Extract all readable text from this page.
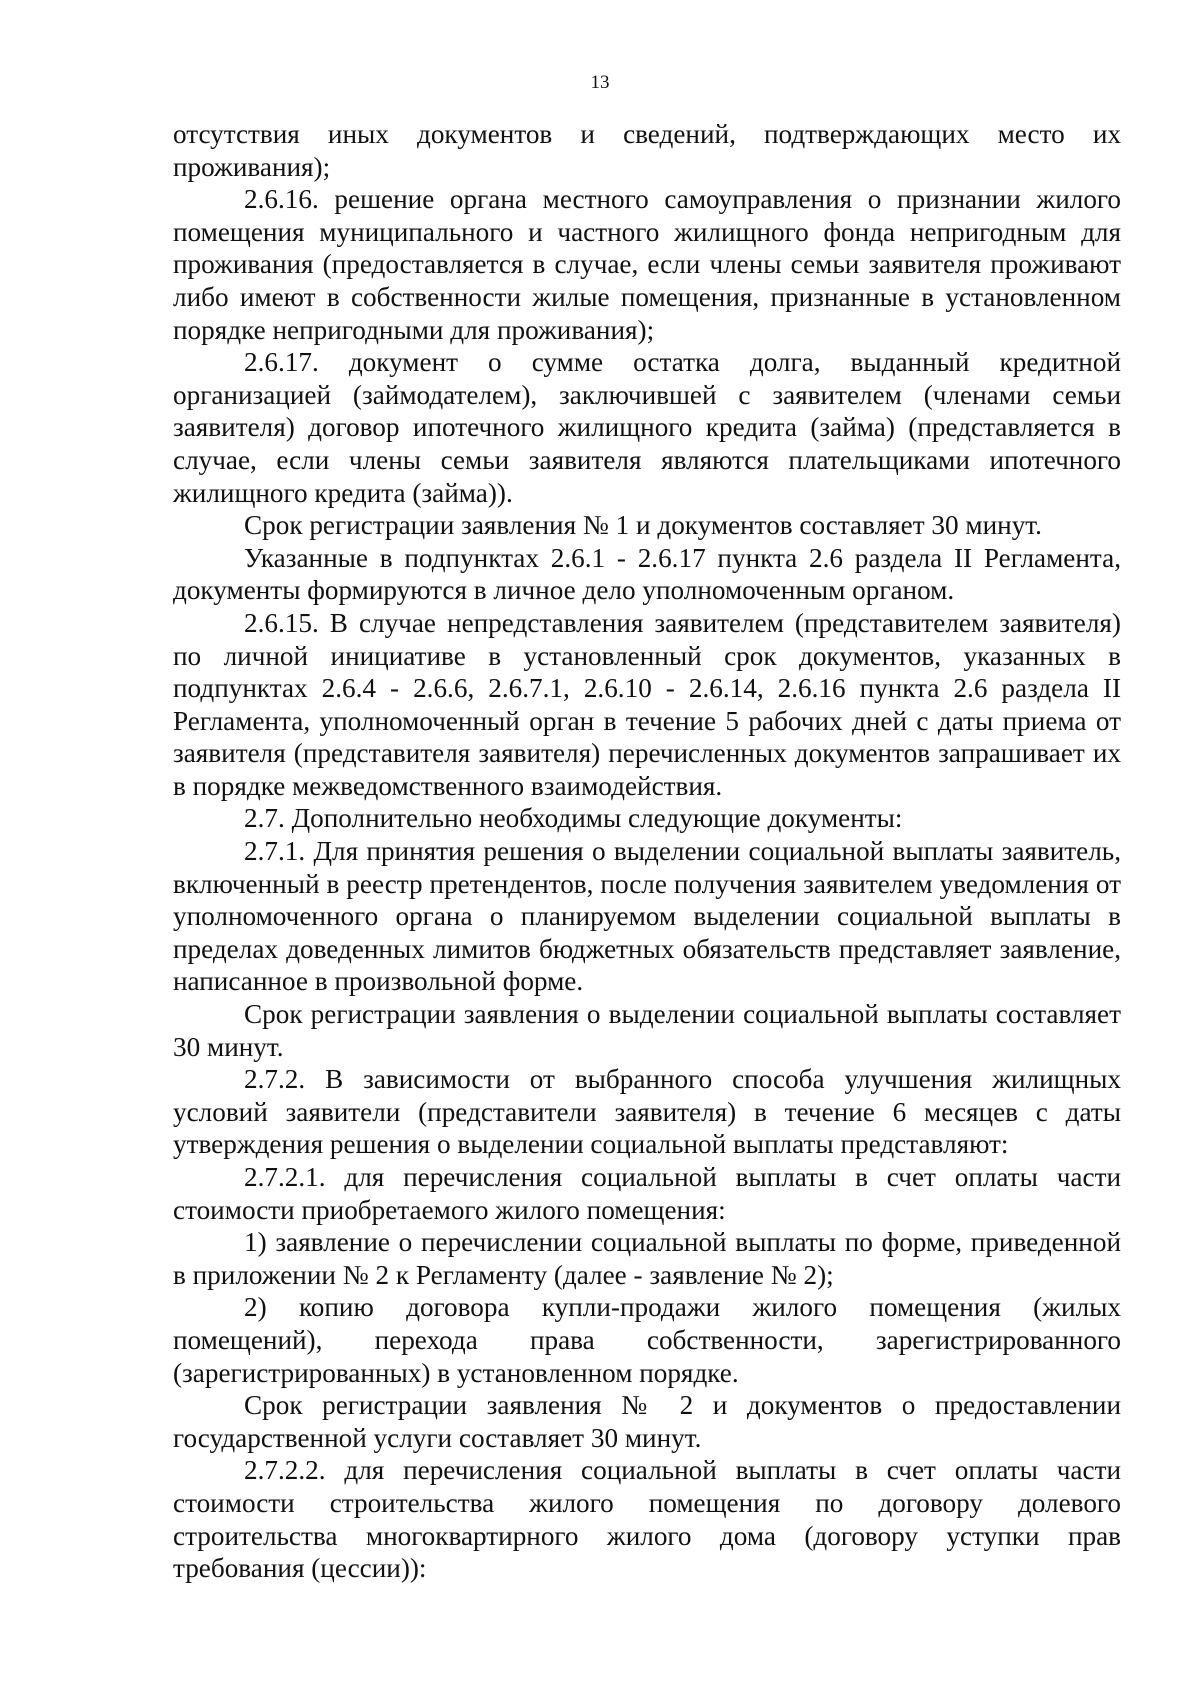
13

отсутствия иных документов и сведений, подтверждающих место их проживания);

2.6.16. решение органа местного самоуправления о признании жилого помещения муниципального и частного жилищного фонда непригодным для проживания (предоставляется в случае, если члены семьи заявителя проживают либо имеют в собственности жилые помещения, признанные в установленном порядке непригодными для проживания);

2.6.17. документ о сумме остатка долга, выданный кредитной организацией (займодателем), заключившей с заявителем (членами семьи заявителя) договор ипотечного жилищного кредита (займа) (представляется в случае, если члены семьи заявителя являются плательщиками ипотечного жилищного кредита (займа)).

Срок регистрации заявления № 1 и документов составляет 30 минут.

Указанные в подпунктах 2.6.1 - 2.6.17 пункта 2.6 раздела II Регламента, документы формируются в личное дело уполномоченным органом.

2.6.15. В случае непредставления заявителем (представителем заявителя) по личной инициативе в установленный срок документов, указанных в подпунктах 2.6.4 - 2.6.6, 2.6.7.1, 2.6.10 - 2.6.14, 2.6.16 пункта 2.6 раздела II Регламента, уполномоченный орган в течение 5 рабочих дней с даты приема от заявителя (представителя заявителя) перечисленных документов запрашивает их в порядке межведомственного взаимодействия.

2.7. Дополнительно необходимы следующие документы:

2.7.1. Для принятия решения о выделении социальной выплаты заявитель, включенный в реестр претендентов, после получения заявителем уведомления от уполномоченного органа о планируемом выделении социальной выплаты в пределах доведенных лимитов бюджетных обязательств представляет заявление, написанное в произвольной форме.

Срок регистрации заявления о выделении социальной выплаты составляет 30 минут.

2.7.2. В зависимости от выбранного способа улучшения жилищных условий заявители (представители заявителя) в течение 6 месяцев с даты утверждения решения о выделении социальной выплаты представляют:

2.7.2.1. для перечисления социальной выплаты в счет оплаты части стоимости приобретаемого жилого помещения:

1) заявление о перечислении социальной выплаты по форме, приведенной в приложении № 2 к Регламенту (далее - заявление № 2);

2) копию договора купли-продажи жилого помещения (жилых помещений), перехода права собственности, зарегистрированного (зарегистрированных) в установленном порядке.

Срок регистрации заявления № 2 и документов о предоставлении государственной услуги составляет 30 минут.

2.7.2.2. для перечисления социальной выплаты в счет оплаты части стоимости строительства жилого помещения по договору долевого строительства многоквартирного жилого дома (договору уступки прав требования (цессии)):
